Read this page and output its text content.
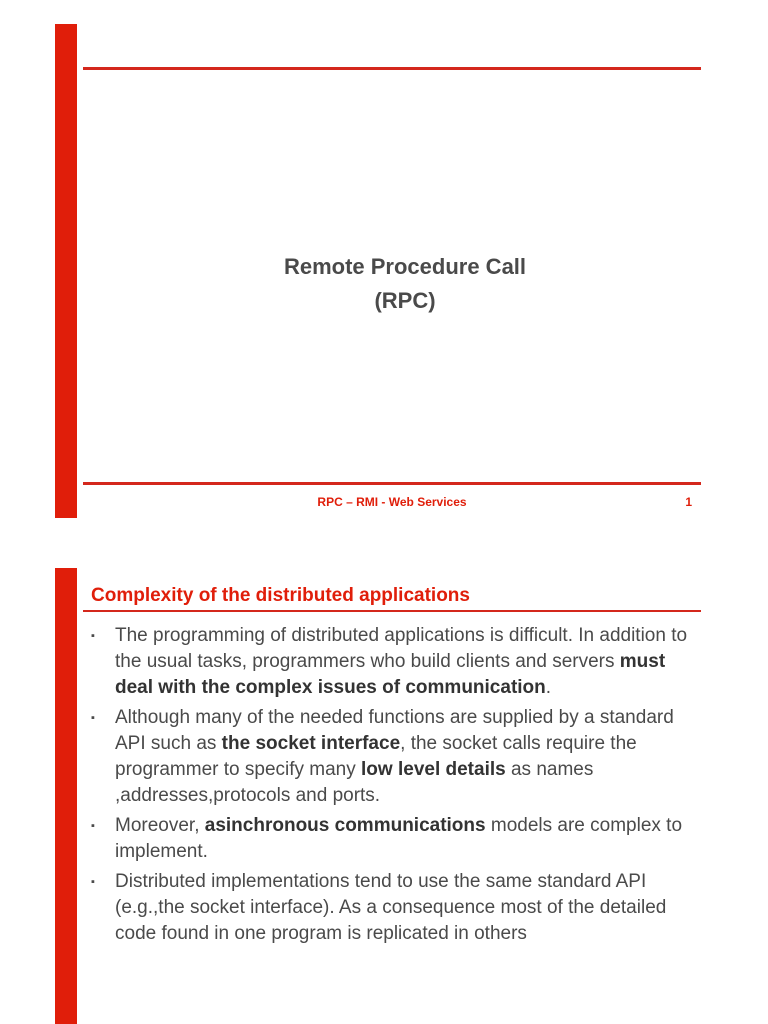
Remote Procedure Call
(RPC)
RPC – RMI - Web Services	1
Complexity of the distributed applications
▪ The programming of distributed applications is difficult. In addition to the usual tasks, programmers who build clients and servers must deal with the complex issues of communication.
▪ Although many of the needed functions are supplied by a standard API such as the socket interface, the socket calls require the programmer to specify many low level details as names ,addresses,protocols and ports.
▪ Moreover, asinchronous communications models are complex to implement.
▪ Distributed implementations tend to use the same standard API (e.g.,the socket interface). As a consequence most of the detailed code found in one program is replicated in others
